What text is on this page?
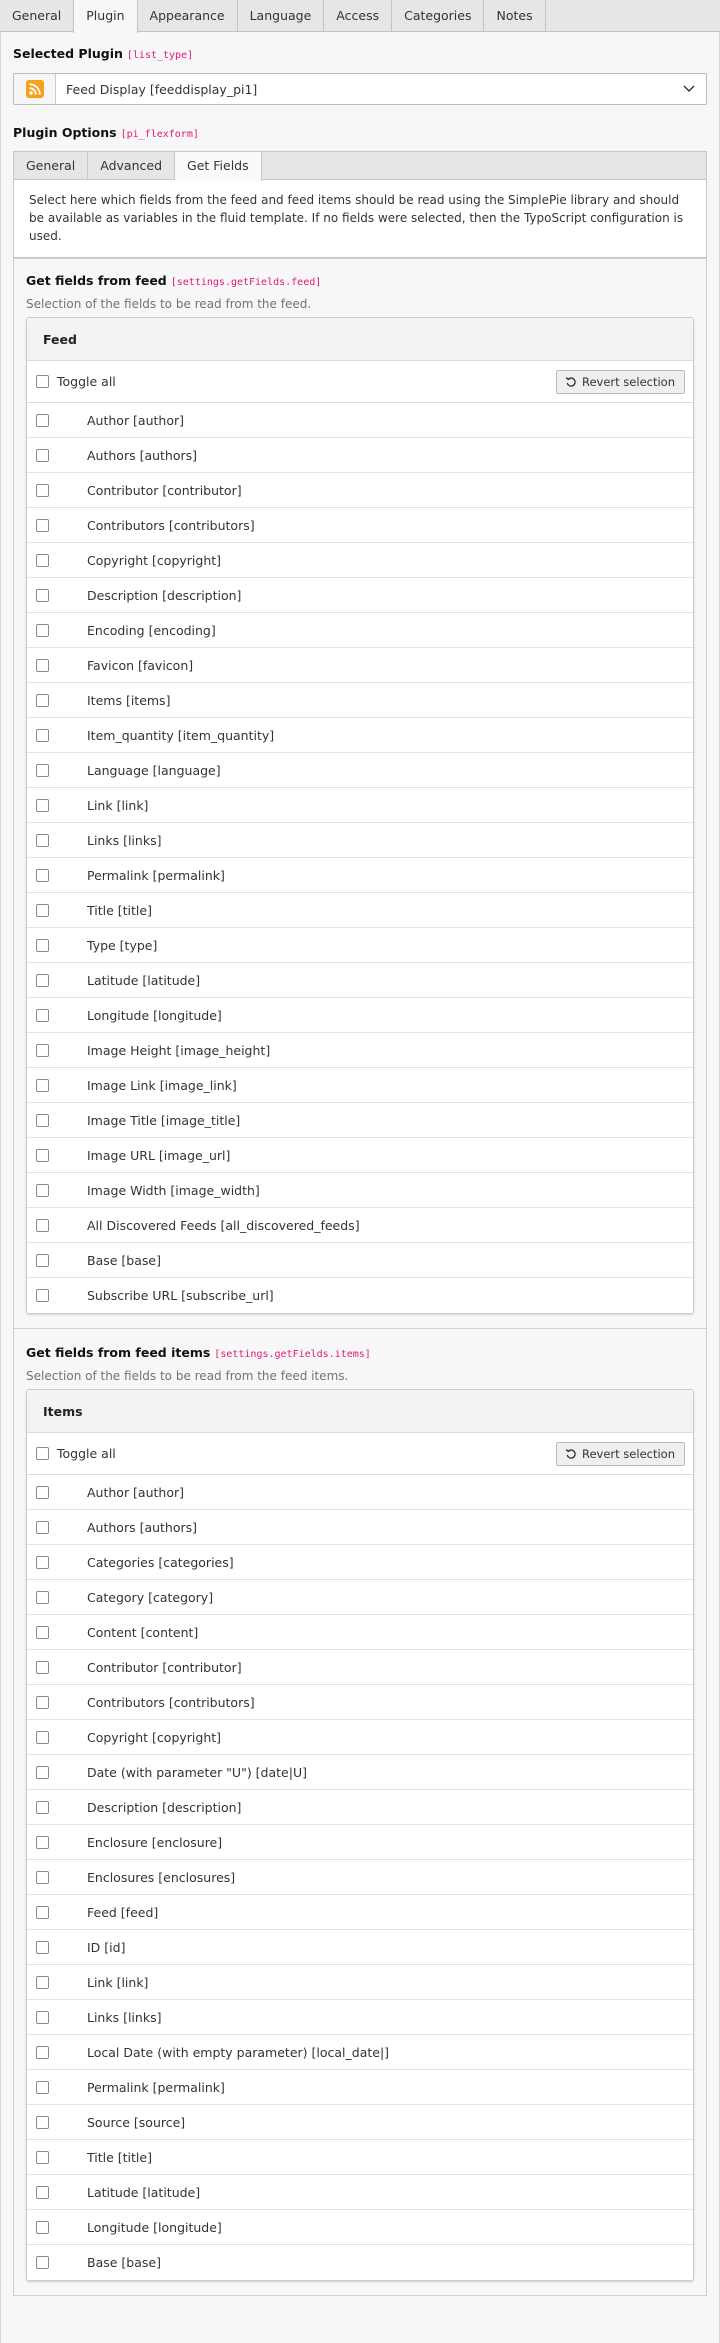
General	Plugin	Appearance	Language	Access	Categories	Notes
Selected Plugin [list_type]
Feed Display [feeddisplay_pi1]
Plugin Options [pi_flexform]
General	Advanced	Get Fields
Select here which fields from the feed and feed items should be read using the SimplePie library and should be available as variables in the fluid template. If no fields were selected, then the TypoScript configuration is used.
Get fields from feed [settings.getFields.feed]
Selection of the fields to be read from the feed.
Feed
Toggle all	Revert selection
Author [author]
Authors [authors]
Contributor [contributor]
Contributors [contributors]
Copyright [copyright]
Description [description]
Encoding [encoding]
Favicon [favicon]
Items [items]
Item_quantity [item_quantity]
Language [language]
Link [link]
Links [links]
Permalink [permalink]
Title [title]
Type [type]
Latitude [latitude]
Longitude [longitude]
Image Height [image_height]
Image Link [image_link]
Image Title [image_title]
Image URL [image_url]
Image Width [image_width]
All Discovered Feeds [all_discovered_feeds]
Base [base]
Subscribe URL [subscribe_url]
Get fields from feed items [settings.getFields.items]
Selection of the fields to be read from the feed items.
Items
Toggle all	Revert selection
Author [author]
Authors [authors]
Categories [categories]
Category [category]
Content [content]
Contributor [contributor]
Contributors [contributors]
Copyright [copyright]
Date (with parameter "U") [date|U]
Description [description]
Enclosure [enclosure]
Enclosures [enclosures]
Feed [feed]
ID [id]
Link [link]
Links [links]
Local Date (with empty parameter) [local_date|]
Permalink [permalink]
Source [source]
Title [title]
Latitude [latitude]
Longitude [longitude]
Base [base]
